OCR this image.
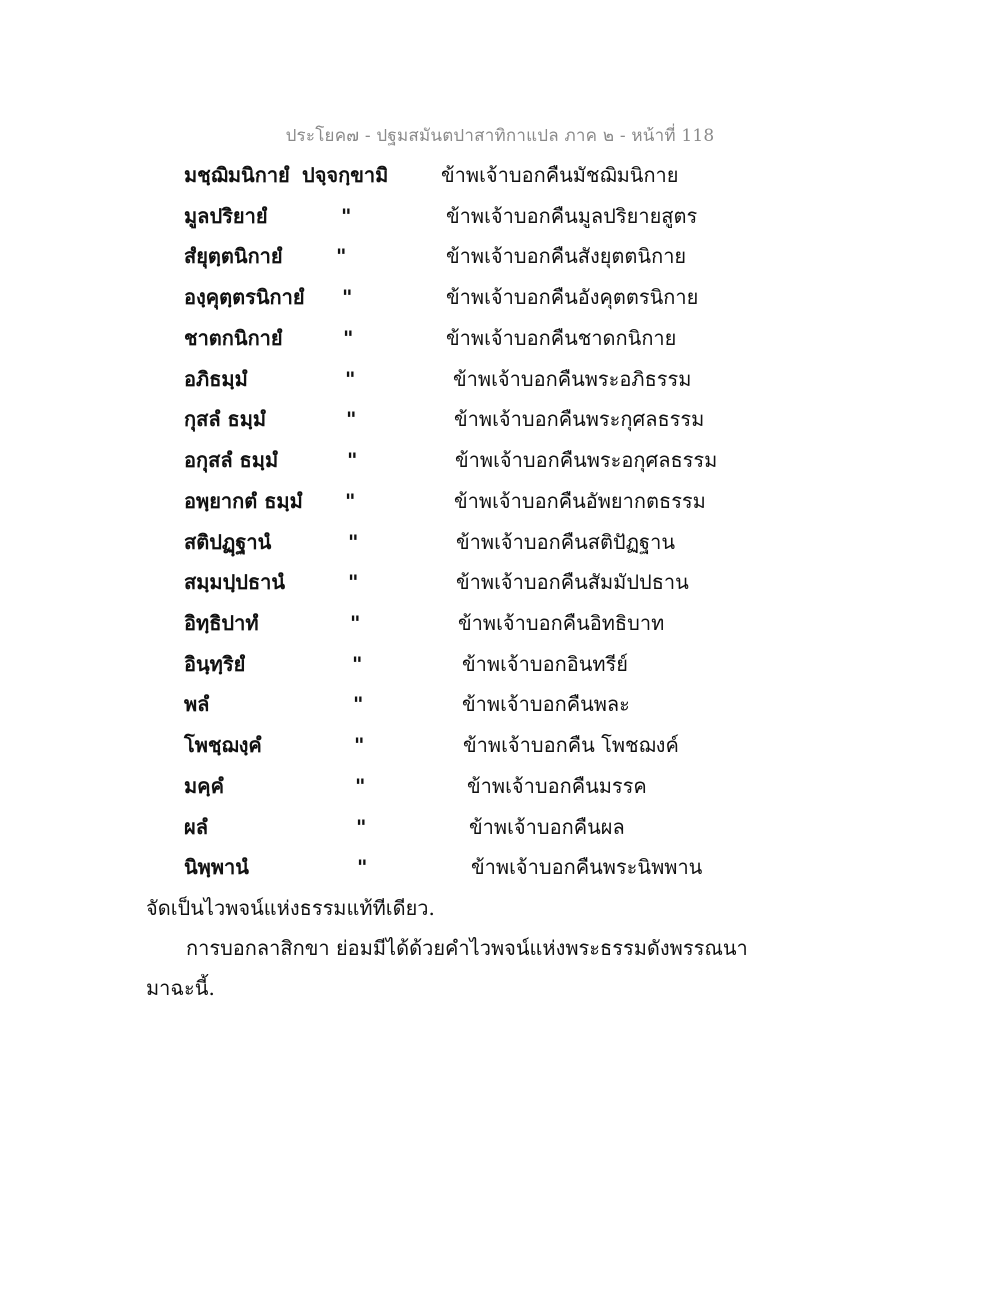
ประโยค๗ - ปฐมสมันตปาสาทิกาแปล ภาค ๒ - หน้าที่ 118
มชฺฌิมนิกายํ ปจฺจกฺขามิ	ข้าพเจ้าบอกคืนมัชฌิมนิกาย
มูลปริยายํ	"	ข้าพเจ้าบอกคืนมูลปริยายสูตร
สํยุตฺตนิกายํ	"	ข้าพเจ้าบอกคืนสังยุตตนิกาย
องฺคุตฺตรนิกายํ "	ข้าพเจ้าบอกคืนอังคุตตรนิกาย
ชาตกนิกายํ	"	ข้าพเจ้าบอกคืนชาดกนิกาย
อภิธมฺมํ	"	ข้าพเจ้าบอกคืนพระอภิธรรม
กุสลํ ธมฺมํ	"	ข้าพเจ้าบอกคืนพระกุศลธรรม
อกุสลํ ธมฺมํ	"	ข้าพเจ้าบอกคืนพระอกุศลธรรม
อพฺยากตํ ธมฺมํ "	ข้าพเจ้าบอกคืนอัพยากตธรรม
สติปฏฺฐานํ	"	ข้าพเจ้าบอกคืนสติปัฏฐาน
สมฺมปฺปธานํ	"	ข้าพเจ้าบอกคืนสัมมัปปธาน
อิทฺธิปาทํ	"	ข้าพเจ้าบอกคืนอิทธิบาท
อินฺทฺริยํ	"	ข้าพเจ้าบอกอินทรีย์
พลํ	"	ข้าพเจ้าบอกคืนพละ
โพชฺฌงฺคํ	"	ข้าพเจ้าบอกคืน โพชฌงค์
มคฺคํ	"	ข้าพเจ้าบอกคืนมรรค
ผลํ	"	ข้าพเจ้าบอกคืนผล
นิพฺพานํ	"	ข้าพเจ้าบอกคืนพระนิพพาน
จัดเป็นไวพจน์แห่งธรรมแท้ทีเดียว.
การบอกลาสิกขา ย่อมมีได้ด้วยคำไวพจน์แห่งพระธรรมดังพรรณนา
มาฉะนี้.
